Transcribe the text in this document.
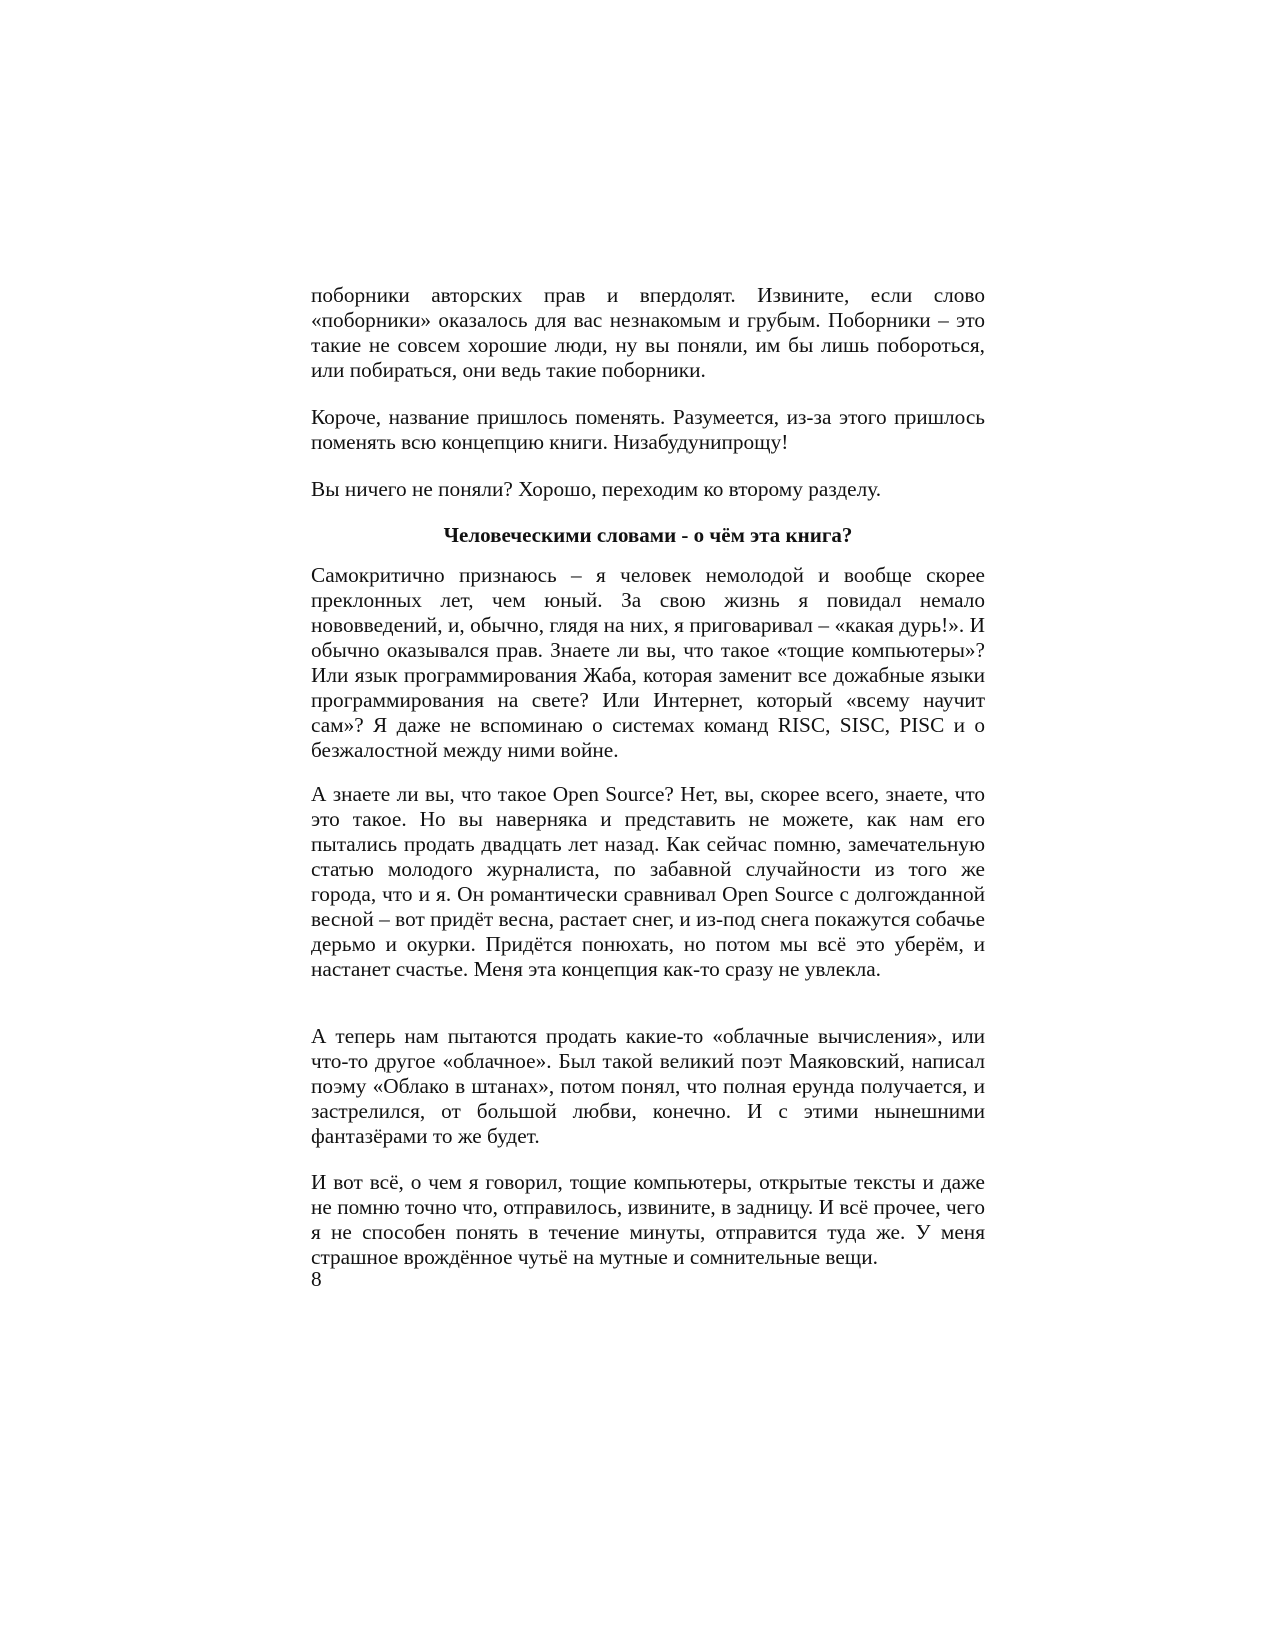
поборники авторских прав и впердолят. Извините, если слово «поборники» оказалось для вас незнакомым и грубым. Поборники – это такие не совсем хорошие люди, ну вы поняли, им бы лишь побороться, или побираться, они ведь такие поборники.

Короче, название пришлось поменять. Разумеется, из-за этого пришлось поменять всю концепцию книги. Низабудунипрощу!

Вы ничего не поняли? Хорошо, переходим ко второму разделу.

Человеческими словами - о чём эта книга?

Самокритично признаюсь – я человек немолодой и вообще скорее преклонных лет, чем юный. За свою жизнь я повидал немало нововведений, и, обычно, глядя на них, я приговаривал – «какая дурь!». И обычно оказывался прав. Знаете ли вы, что такое «тощие компьютеры»? Или язык программирования Жаба, которая заменит все дожабные языки программирования на свете? Или Интернет, который «всему научит сам»? Я даже не вспоминаю о системах команд RISC, SISC, PISC и о безжалостной между ними войне.

А знаете ли вы, что такое Open Source? Нет, вы, скорее всего, знаете, что это такое. Но вы наверняка и представить не можете, как нам его пытались продать двадцать лет назад. Как сейчас помню, замечательную статью молодого журналиста, по забавной случайности из того же города, что и я. Он романтически сравнивал Open Source с долгожданной весной – вот придёт весна, растает снег, и из-под снега покажутся собачье дерьмо и окурки. Придётся понюхать, но потом мы всё это уберём, и настанет счастье. Меня эта концепция как-то сразу не увлекла.

А теперь нам пытаются продать какие-то «облачные вычисления», или что-то другое «облачное». Был такой великий поэт Маяковский, написал поэму «Облако в штанах», потом понял, что полная ерунда получается, и застрелился, от большой любви, конечно. И с этими нынешними фантазёрами то же будет.

И вот всё, о чем я говорил, тощие компьютеры, открытые тексты и даже не помню точно что, отправилось, извините, в задницу. И всё прочее, чего я не способен понять в течение минуты, отправится туда же. У меня страшное врождённое чутьё на мутные и сомнительные вещи.

8
